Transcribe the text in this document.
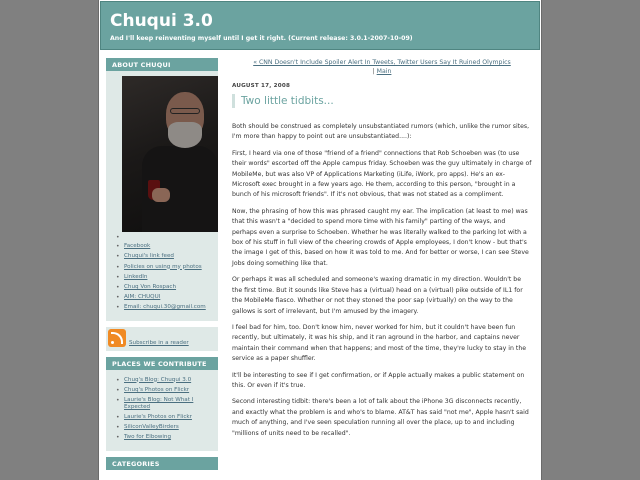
Chuqui 3.0
And I'll keep reinventing myself until I get it right. (Current release: 3.0.1-2007-10-09)
ABOUT CHUQUI
•
• Facebook
• Chuqui's link feed
• Policies on using my photos
• LinkedIn
• Chuq Von Rospach
• AIM: CHUQUI
• Email: chuqui.30@gmail.com
Subscribe in a reader
PLACES WE CONTRIBUTE
• Chuq's Blog: Chuqui 3.0
• Chuq's Photos on Flickr
• Laurie's Blog: Not What I Expected
• Laurie's Photos on Flickr
• SiliconValleyBirders
• Two for Elbowing
CATEGORIES
« CNN Doesn't Include Spoiler Alert In Tweets, Twitter Users Say It Ruined Olympics
| Main
AUGUST 17, 2008
Two little tidbits...

Both should be construed as completely unsubstantiated rumors (which, unlike the rumor sites, I'm more than happy to point out are unsubstantiated....):

First, I heard via one of those "friend of a friend" connections that Rob Schoeben was (to use their words" escorted off the Apple campus friday. Schoeben was the guy ultimately in charge of MobileMe, but was also VP of Applications Marketing (iLife, iWork, pro apps). He's an ex-Microsoft exec brought in a few years ago. He them, according to this person, "brought in a bunch of his microsoft friends". If it's not obvious, that was not stated as a compliment.

Now, the phrasing of how this was phrased caught my ear. The implication (at least to me) was that this wasn't a "decided to spend more time with his family" parting of the ways, and perhaps even a surprise to Schoeben. Whether he was literally walked to the parking lot with a box of his stuff in full view of the cheering crowds of Apple employees, I don't know - but that's the image I get of this, based on how it was told to me. And for better or worse, I can see Steve Jobs doing something like that.

Or perhaps it was all scheduled and someone's waxing dramatic in my direction. Wouldn't be the first time. But it sounds like Steve has a (virtual) head on a (virtual) pike outside of IL1 for the MobileMe fiasco. Whether or not they stoned the poor sap (virtually) on the way to the gallows is sort of irrelevant, but I'm amused by the imagery.

I feel bad for him, too. Don't know him, never worked for him, but it couldn't have been fun recently, but ultimately, it was his ship, and it ran aground in the harbor, and captains never maintain their command when that happens; and most of the time, they're lucky to stay in the service as a paper shuffler.

It'll be interesting to see if I get confirmation, or if Apple actually makes a public statement on this. Or even if it's true.

Second interesting tidbit: there's been a lot of talk about the iPhone 3G disconnects recently, and exactly what the problem is and who's to blame. AT&T has said "not me", Apple hasn't said much of anything, and I've seen speculation running all over the place, up to and including "millions of units need to be recalled".
